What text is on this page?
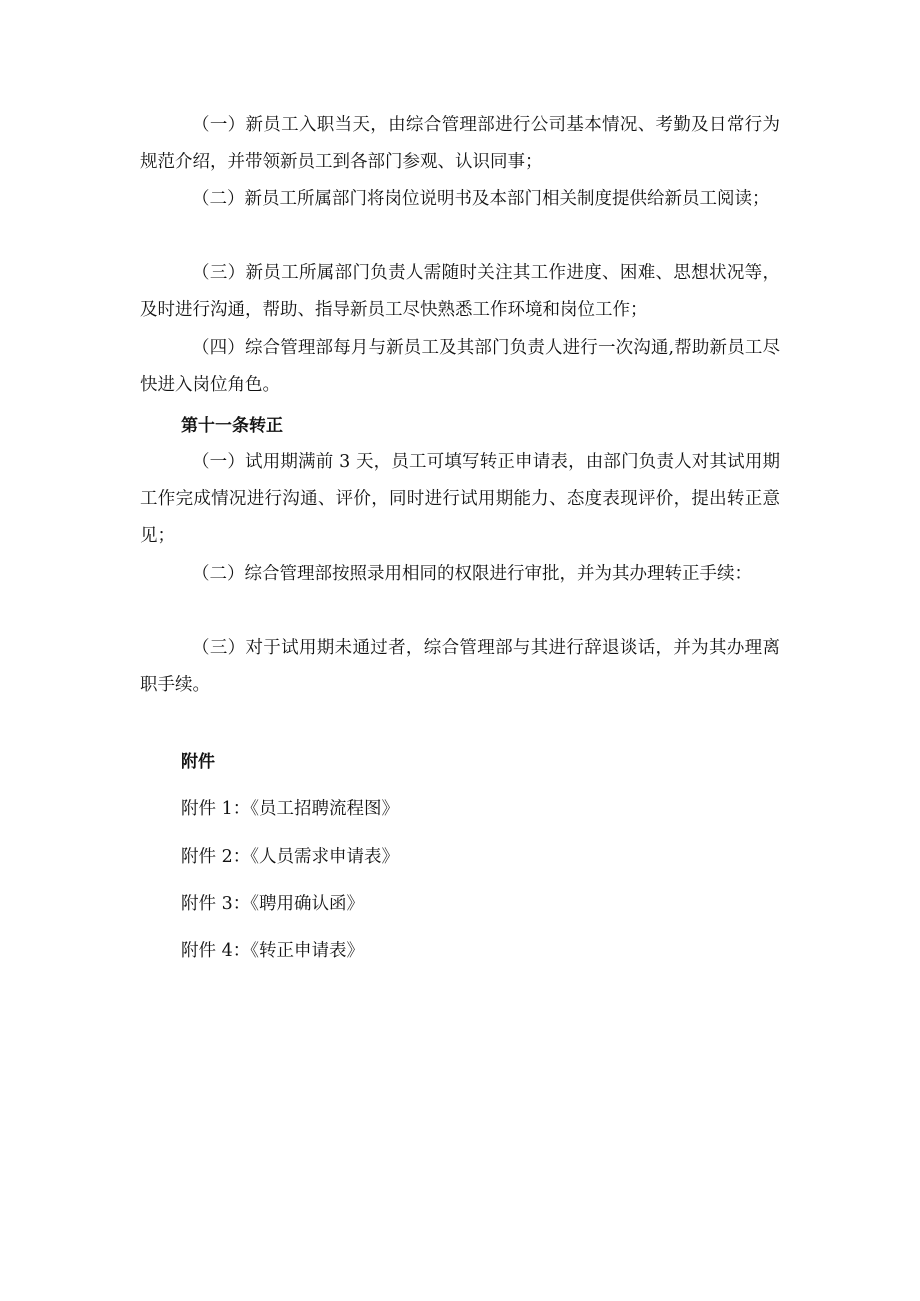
（一）新员工入职当天，由综合管理部进行公司基本情况、考勤及日常行为规范介绍，并带领新员工到各部门参观、认识同事；

（二）新员工所属部门将岗位说明书及本部门相关制度提供给新员工阅读；

（三）新员工所属部门负责人需随时关注其工作进度、困难、思想状况等，及时进行沟通，帮助、指导新员工尽快熟悉工作环境和岗位工作；

（四）综合管理部每月与新员工及其部门负责人进行一次沟通,帮助新员工尽快进入岗位角色。

第十一条转正

（一）试用期满前 3 天，员工可填写转正申请表，由部门负责人对其试用期工作完成情况进行沟通、评价，同时进行试用期能力、态度表现评价，提出转正意见；

（二）综合管理部按照录用相同的权限进行审批，并为其办理转正手续：

（三）对于试用期未通过者，综合管理部与其进行辞退谈话，并为其办理离职手续。

附件

附件 1：《员工招聘流程图》

附件 2：《人员需求申请表》

附件 3：《聘用确认函》

附件 4：《转正申请表》
